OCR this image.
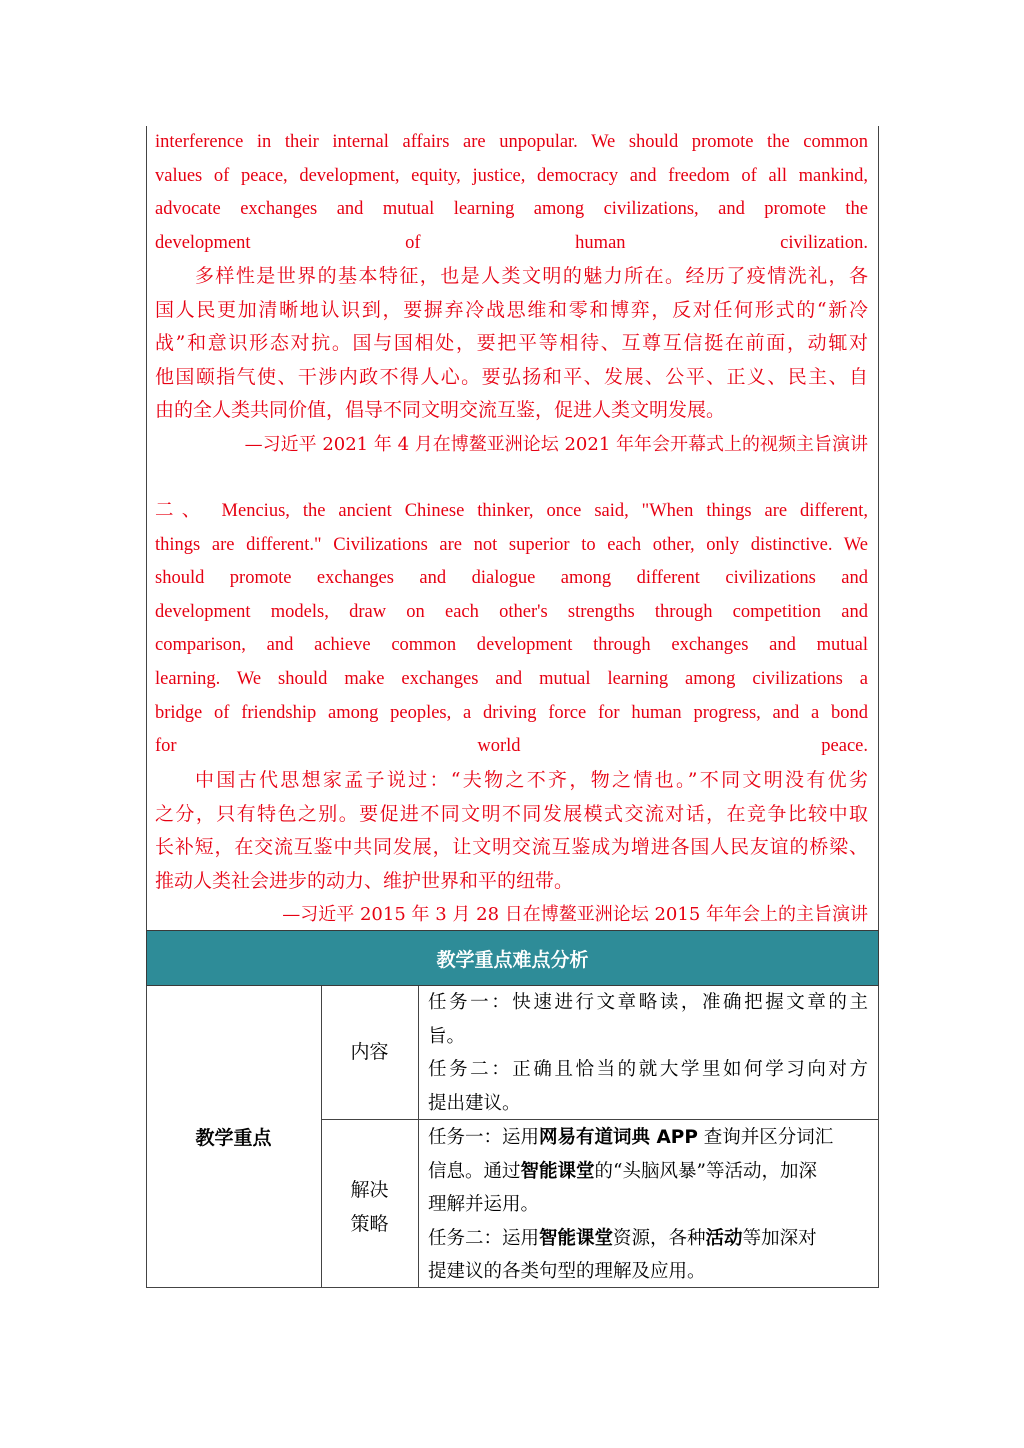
interference in their internal affairs are unpopular. We should promote the common
values of peace, development, equity, justice, democracy and freedom of all mankind,
advocate exchanges and mutual learning among civilizations, and promote the
development of human civilization.
多样性是世界的基本特征，也是人类文明的魅力所在。经历了疫情洗礼，各
国人民更加清晰地认识到，要摒弃冷战思维和零和博弈，反对任何形式的“新冷
战”和意识形态对抗。国与国相处，要把平等相待、互尊互信挺在前面，动辄对
他国颐指气使、干涉内政不得人心。要弘扬和平、发展、公平、正义、民主、自
由的全人类共同价值，倡导不同文明交流互鉴，促进人类文明发展。
—习近平 2021 年 4 月在博鳌亚洲论坛 2021 年年会开幕式上的视频主旨演讲
二、 Mencius, the ancient Chinese thinker, once said, "When things are different,
things are different." Civilizations are not superior to each other, only distinctive. We
should promote exchanges and dialogue among different civilizations and
development models, draw on each other's strengths through competition and
comparison, and achieve common development through exchanges and mutual
learning. We should make exchanges and mutual learning among civilizations a
bridge of friendship among peoples, a driving force for human progress, and a bond
for world peace.
中国古代思想家孟子说过：“夫物之不齐，物之情也。”不同文明没有优劣
之分，只有特色之别。要促进不同文明不同发展模式交流对话，在竞争比较中取
长补短，在交流互鉴中共同发展，让文明交流互鉴成为增进各国人民友谊的桥梁、
推动人类社会进步的动力、维护世界和平的纽带。
—习近平 2015 年 3 月 28 日在博鳌亚洲论坛 2015 年年会上的主旨演讲
教学重点难点分析
教学重点
内容
解决
策略
任务一：快速进行文章略读，准确把握文章的主
旨。
任务二：正确且恰当的就大学里如何学习向对方
提出建议。
任务一：运用网易有道词典 APP 查询并区分词汇
信息。通过智能课堂的“头脑风暴”等活动，加深
理解并运用。
任务二：运用智能课堂资源，各种活动等加深对
提建议的各类句型的理解及应用。
